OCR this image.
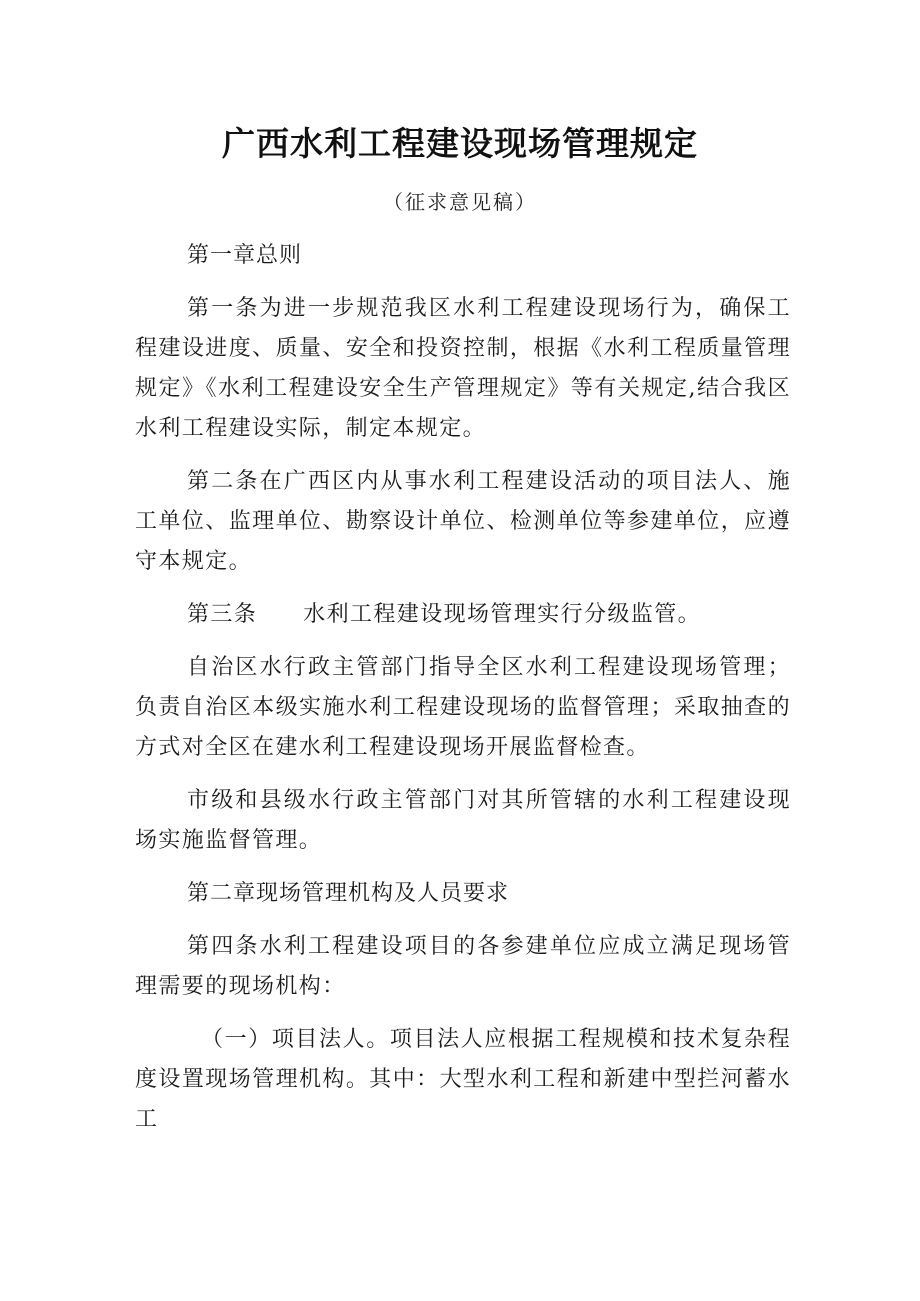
广西水利工程建设现场管理规定
（征求意见稿）

第一章总则

第一条为进一步规范我区水利工程建设现场行为，确保工程建设进度、质量、安全和投资控制，根据《水利工程质量管理规定》《水利工程建设安全生产管理规定》等有关规定,结合我区水利工程建设实际，制定本规定。

第二条在广西区内从事水利工程建设活动的项目法人、施工单位、监理单位、勘察设计单位、检测单位等参建单位，应遵守本规定。

第三条 水利工程建设现场管理实行分级监管。

自治区水行政主管部门指导全区水利工程建设现场管理；负责自治区本级实施水利工程建设现场的监督管理；采取抽查的方式对全区在建水利工程建设现场开展监督检查。

市级和县级水行政主管部门对其所管辖的水利工程建设现场实施监督管理。

第二章现场管理机构及人员要求

第四条水利工程建设项目的各参建单位应成立满足现场管理需要的现场机构：

（一）项目法人。项目法人应根据工程规模和技术复杂程度设置现场管理机构。其中：大型水利工程和新建中型拦河蓄水工
